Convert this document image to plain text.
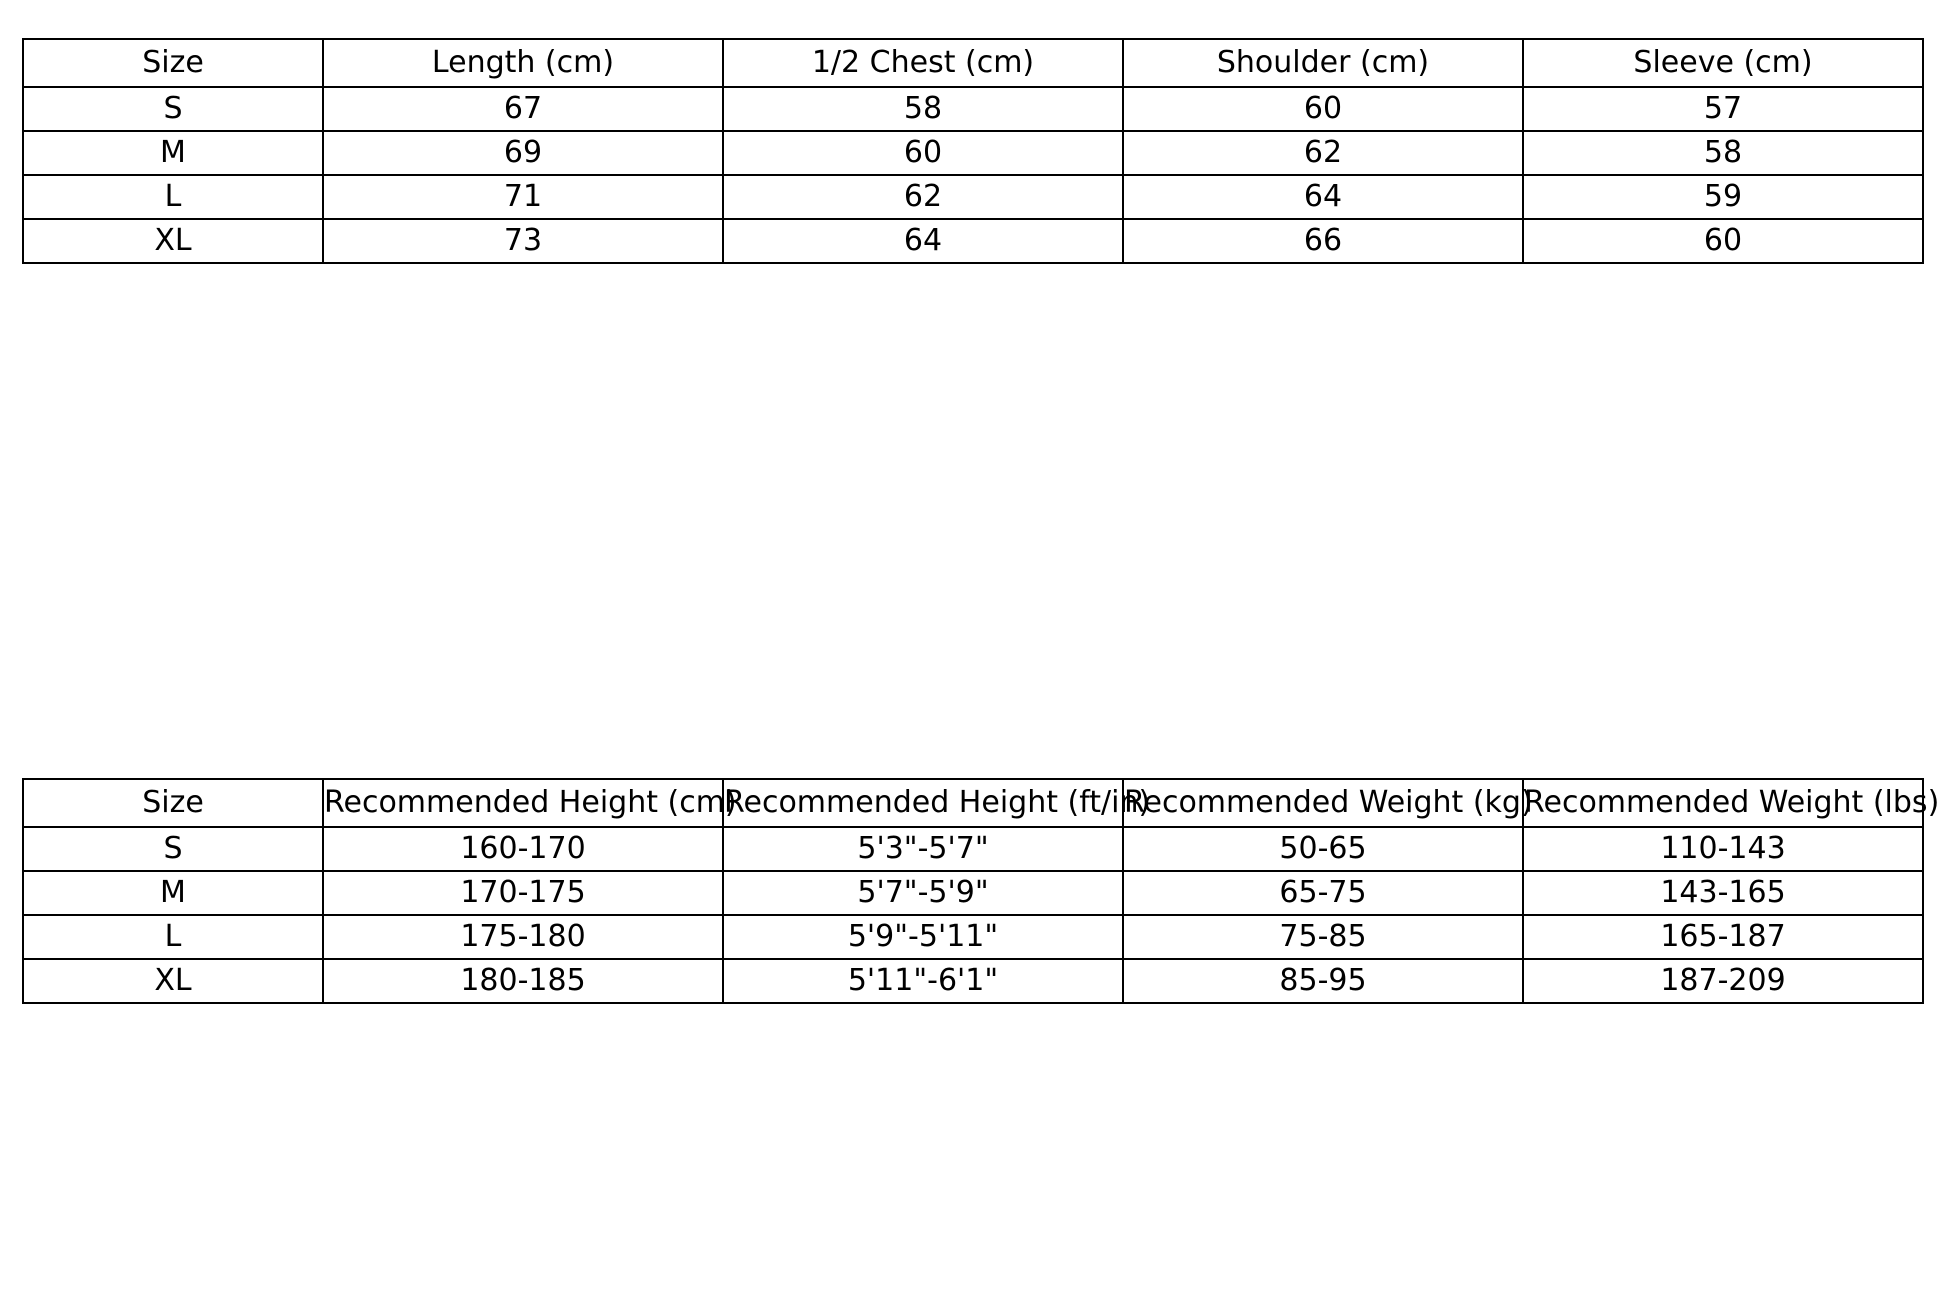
Size	Length (cm)	1/2 Chest (cm)	Shoulder (cm)	Sleeve (cm)
S	67	58	60	57
M	69	60	62	58
L	71	62	64	59
XL	73	64	66	60
Size	Recommended Height (cm)	Recommended Height (ft/in)	Recommended Weight (kg)	Recommended Weight (lbs)
S	160-170	5'3"-5'7"	50-65	110-143
M	170-175	5'7"-5'9"	65-75	143-165
L	175-180	5'9"-5'11"	75-85	165-187
XL	180-185	5'11"-6'1"	85-95	187-209
